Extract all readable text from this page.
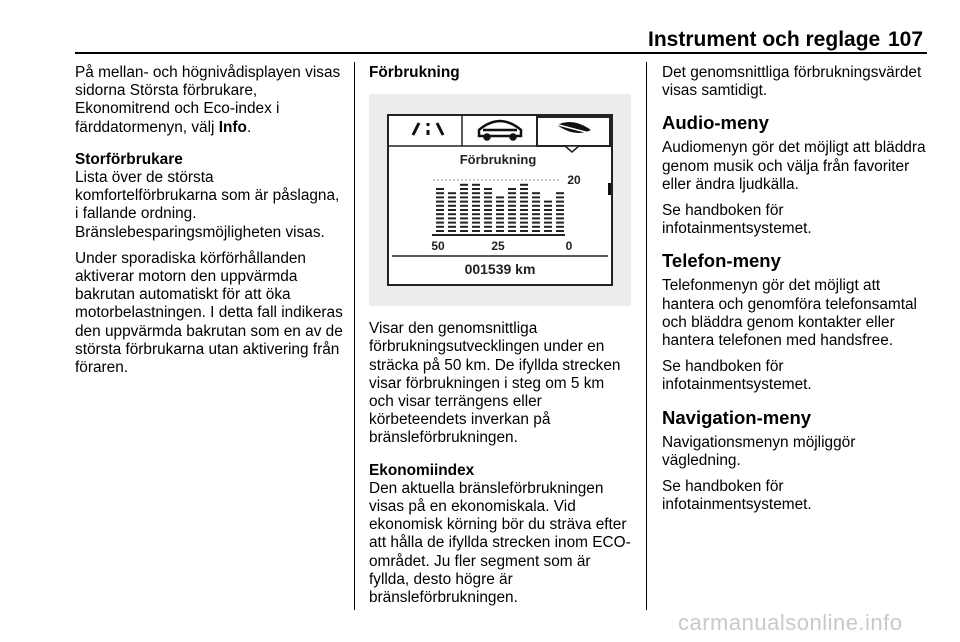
Instrument och reglage 107

På mellan- och högnivådisplayen visas sidorna Största förbrukare, Ekonomitrend och Eco-index i färddatormenyn, välj Info.

Storförbrukare

Lista över de största komfortelförbrukarna som är påslagna, i fallande ordning. Bränslebesparingsmöjligheten visas.

Under sporadiska körförhållanden aktiverar motorn den uppvärmda bakrutan automatiskt för att öka motorbelastningen. I detta fall indikeras den uppvärmda bakrutan som en av de största förbrukarna utan aktivering från föraren.

Förbrukning
Förbrukning
20
50	25	0
001539 km

Visar den genomsnittliga förbrukningsutvecklingen under en sträcka på 50 km. De ifyllda strecken visar förbrukningen i steg om 5 km och visar terrängens eller körbeteendets inverkan på bränsleförbrukningen.

Ekonomiindex

Den aktuella bränsleförbrukningen visas på en ekonomiskala. Vid ekonomisk körning bör du sträva efter att hålla de ifyllda strecken inom ECO-området. Ju fler segment som är fyllda, desto högre är bränsleförbrukningen.

Det genomsnittliga förbrukningsvärdet visas samtidigt.

Audio-meny

Audiomenyn gör det möjligt att bläddra genom musik och välja från favoriter eller ändra ljudkälla.

Se handboken för infotainmentsystemet.

Telefon-meny

Telefonmenyn gör det möjligt att hantera och genomföra telefonsamtal och bläddra genom kontakter eller hantera telefonen med handsfree.

Se handboken för infotainmentsystemet.

Navigation-meny

Navigationsmenyn möjliggör vägledning.

Se handboken för infotainmentsystemet.

carmanualsonline.info
